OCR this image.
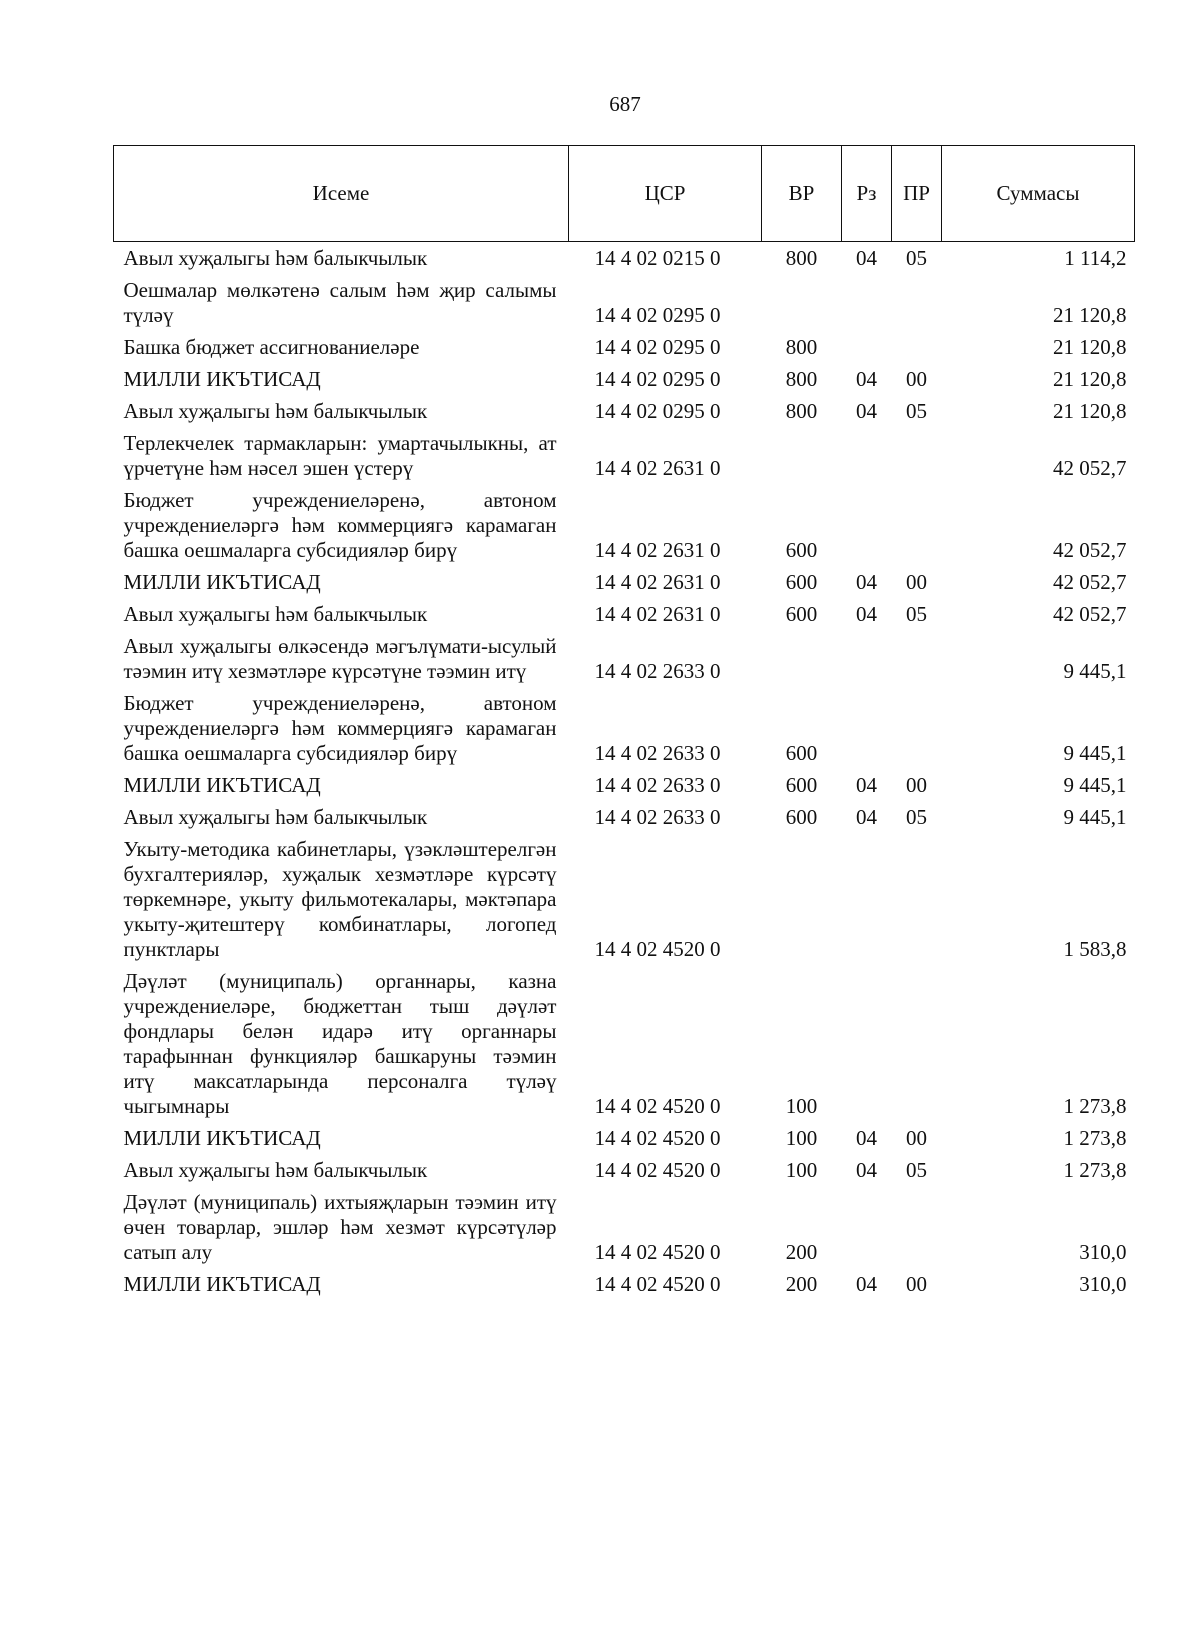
687
Исеме	ЦСР	ВР	Рз	ПР	Суммасы
Авыл хуҗалыгы һәм балыкчылык	14 4 02 0215 0	800	04	05	1 114,2
Оешмалар мөлкәтенә салым һәм җир салымы түләү	14 4 02 0295 0				21 120,8
Башка бюджет ассигнованиеләре	14 4 02 0295 0	800			21 120,8
МИЛЛИ ИКЪТИСАД	14 4 02 0295 0	800	04	00	21 120,8
Авыл хуҗалыгы һәм балыкчылык	14 4 02 0295 0	800	04	05	21 120,8
Терлекчелек тармакларын: умартачылыкны, ат үрчетүне һәм нәсел эшен үстерү	14 4 02 2631 0				42 052,7
Бюджет учреждениеләренә, автоном учреждениеләргә һәм коммерциягә карамаган башка оешмаларга субсидияләр бирү	14 4 02 2631 0	600			42 052,7
МИЛЛИ ИКЪТИСАД	14 4 02 2631 0	600	04	00	42 052,7
Авыл хуҗалыгы һәм балыкчылык	14 4 02 2631 0	600	04	05	42 052,7
Авыл хуҗалыгы өлкәсендә мәгълүмати-ысулый тәэмин итү хезмәтләре күрсәтүне тәэмин итү	14 4 02 2633 0				9 445,1
Бюджет учреждениеләренә, автоном учреждениеләргә һәм коммерциягә карамаган башка оешмаларга субсидияләр бирү	14 4 02 2633 0	600			9 445,1
МИЛЛИ ИКЪТИСАД	14 4 02 2633 0	600	04	00	9 445,1
Авыл хуҗалыгы һәм балыкчылык	14 4 02 2633 0	600	04	05	9 445,1
Укыту-методика кабинетлары, үзәкләштерелгән бухгалтерияләр, хуҗалык хезмәтләре күрсәтү төркемнәре, укыту фильмотекалары, мәктәпара укыту-җитештерү комбинатлары, логопед пунктлары	14 4 02 4520 0				1 583,8
Дәүләт (муниципаль) органнары, казна учреждениеләре, бюджеттан тыш дәүләт фондлары белән идарә итү органнары тарафыннан функцияләр башкаруны тәэмин итү максатларында персоналга түләү чыгымнары	14 4 02 4520 0	100			1 273,8
МИЛЛИ ИКЪТИСАД	14 4 02 4520 0	100	04	00	1 273,8
Авыл хуҗалыгы һәм балыкчылык	14 4 02 4520 0	100	04	05	1 273,8
Дәүләт (муниципаль) ихтыяҗларын тәэмин итү өчен товарлар, эшләр һәм хезмәт күрсәтүләр сатып алу	14 4 02 4520 0	200			310,0
МИЛЛИ ИКЪТИСАД	14 4 02 4520 0	200	04	00	310,0
